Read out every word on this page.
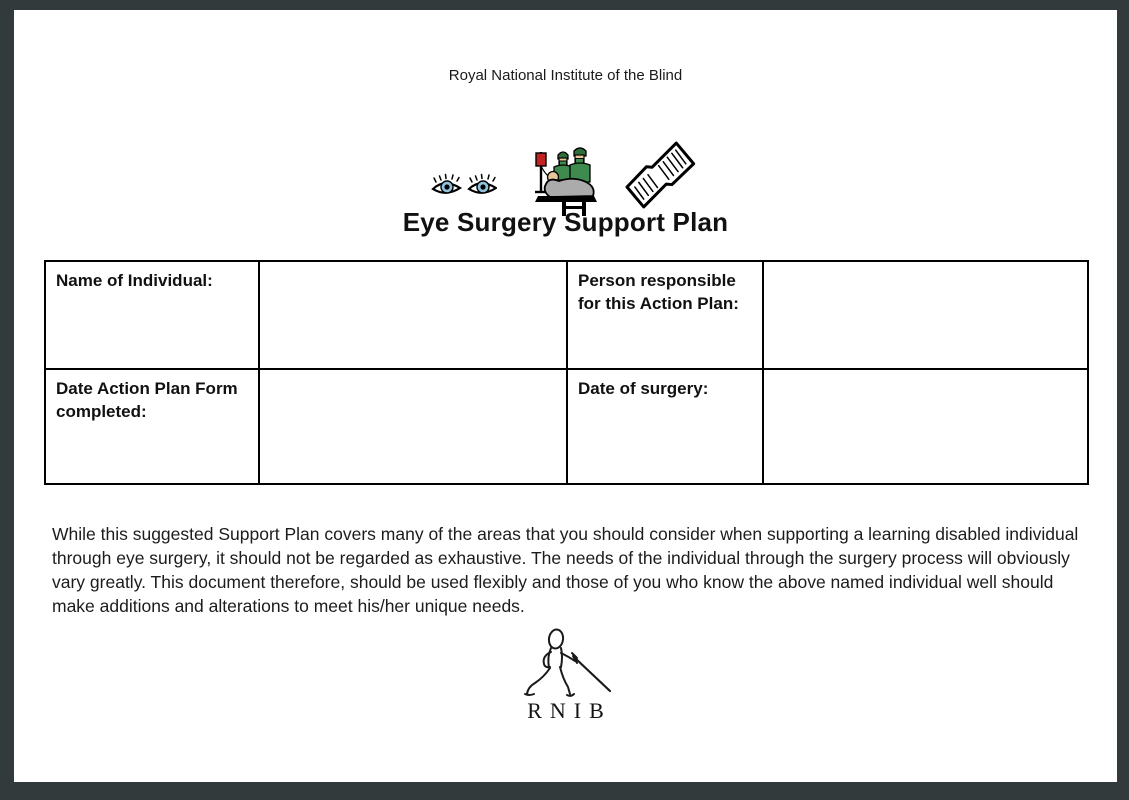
Royal National Institute of the Blind
Eye Surgery Support Plan
Name of Individual:		Person responsible for this Action Plan:	
Date Action Plan Form completed:		Date of surgery:	

While this suggested Support Plan covers many of the areas that you should consider when supporting a learning disabled individual through eye surgery, it should not be regarded as exhaustive. The needs of the individual through the surgery process will obviously vary greatly. This document therefore, should be used flexibly and those of you who know the above named individual well should make additions and alterations to meet his/her unique needs.

RNIB
